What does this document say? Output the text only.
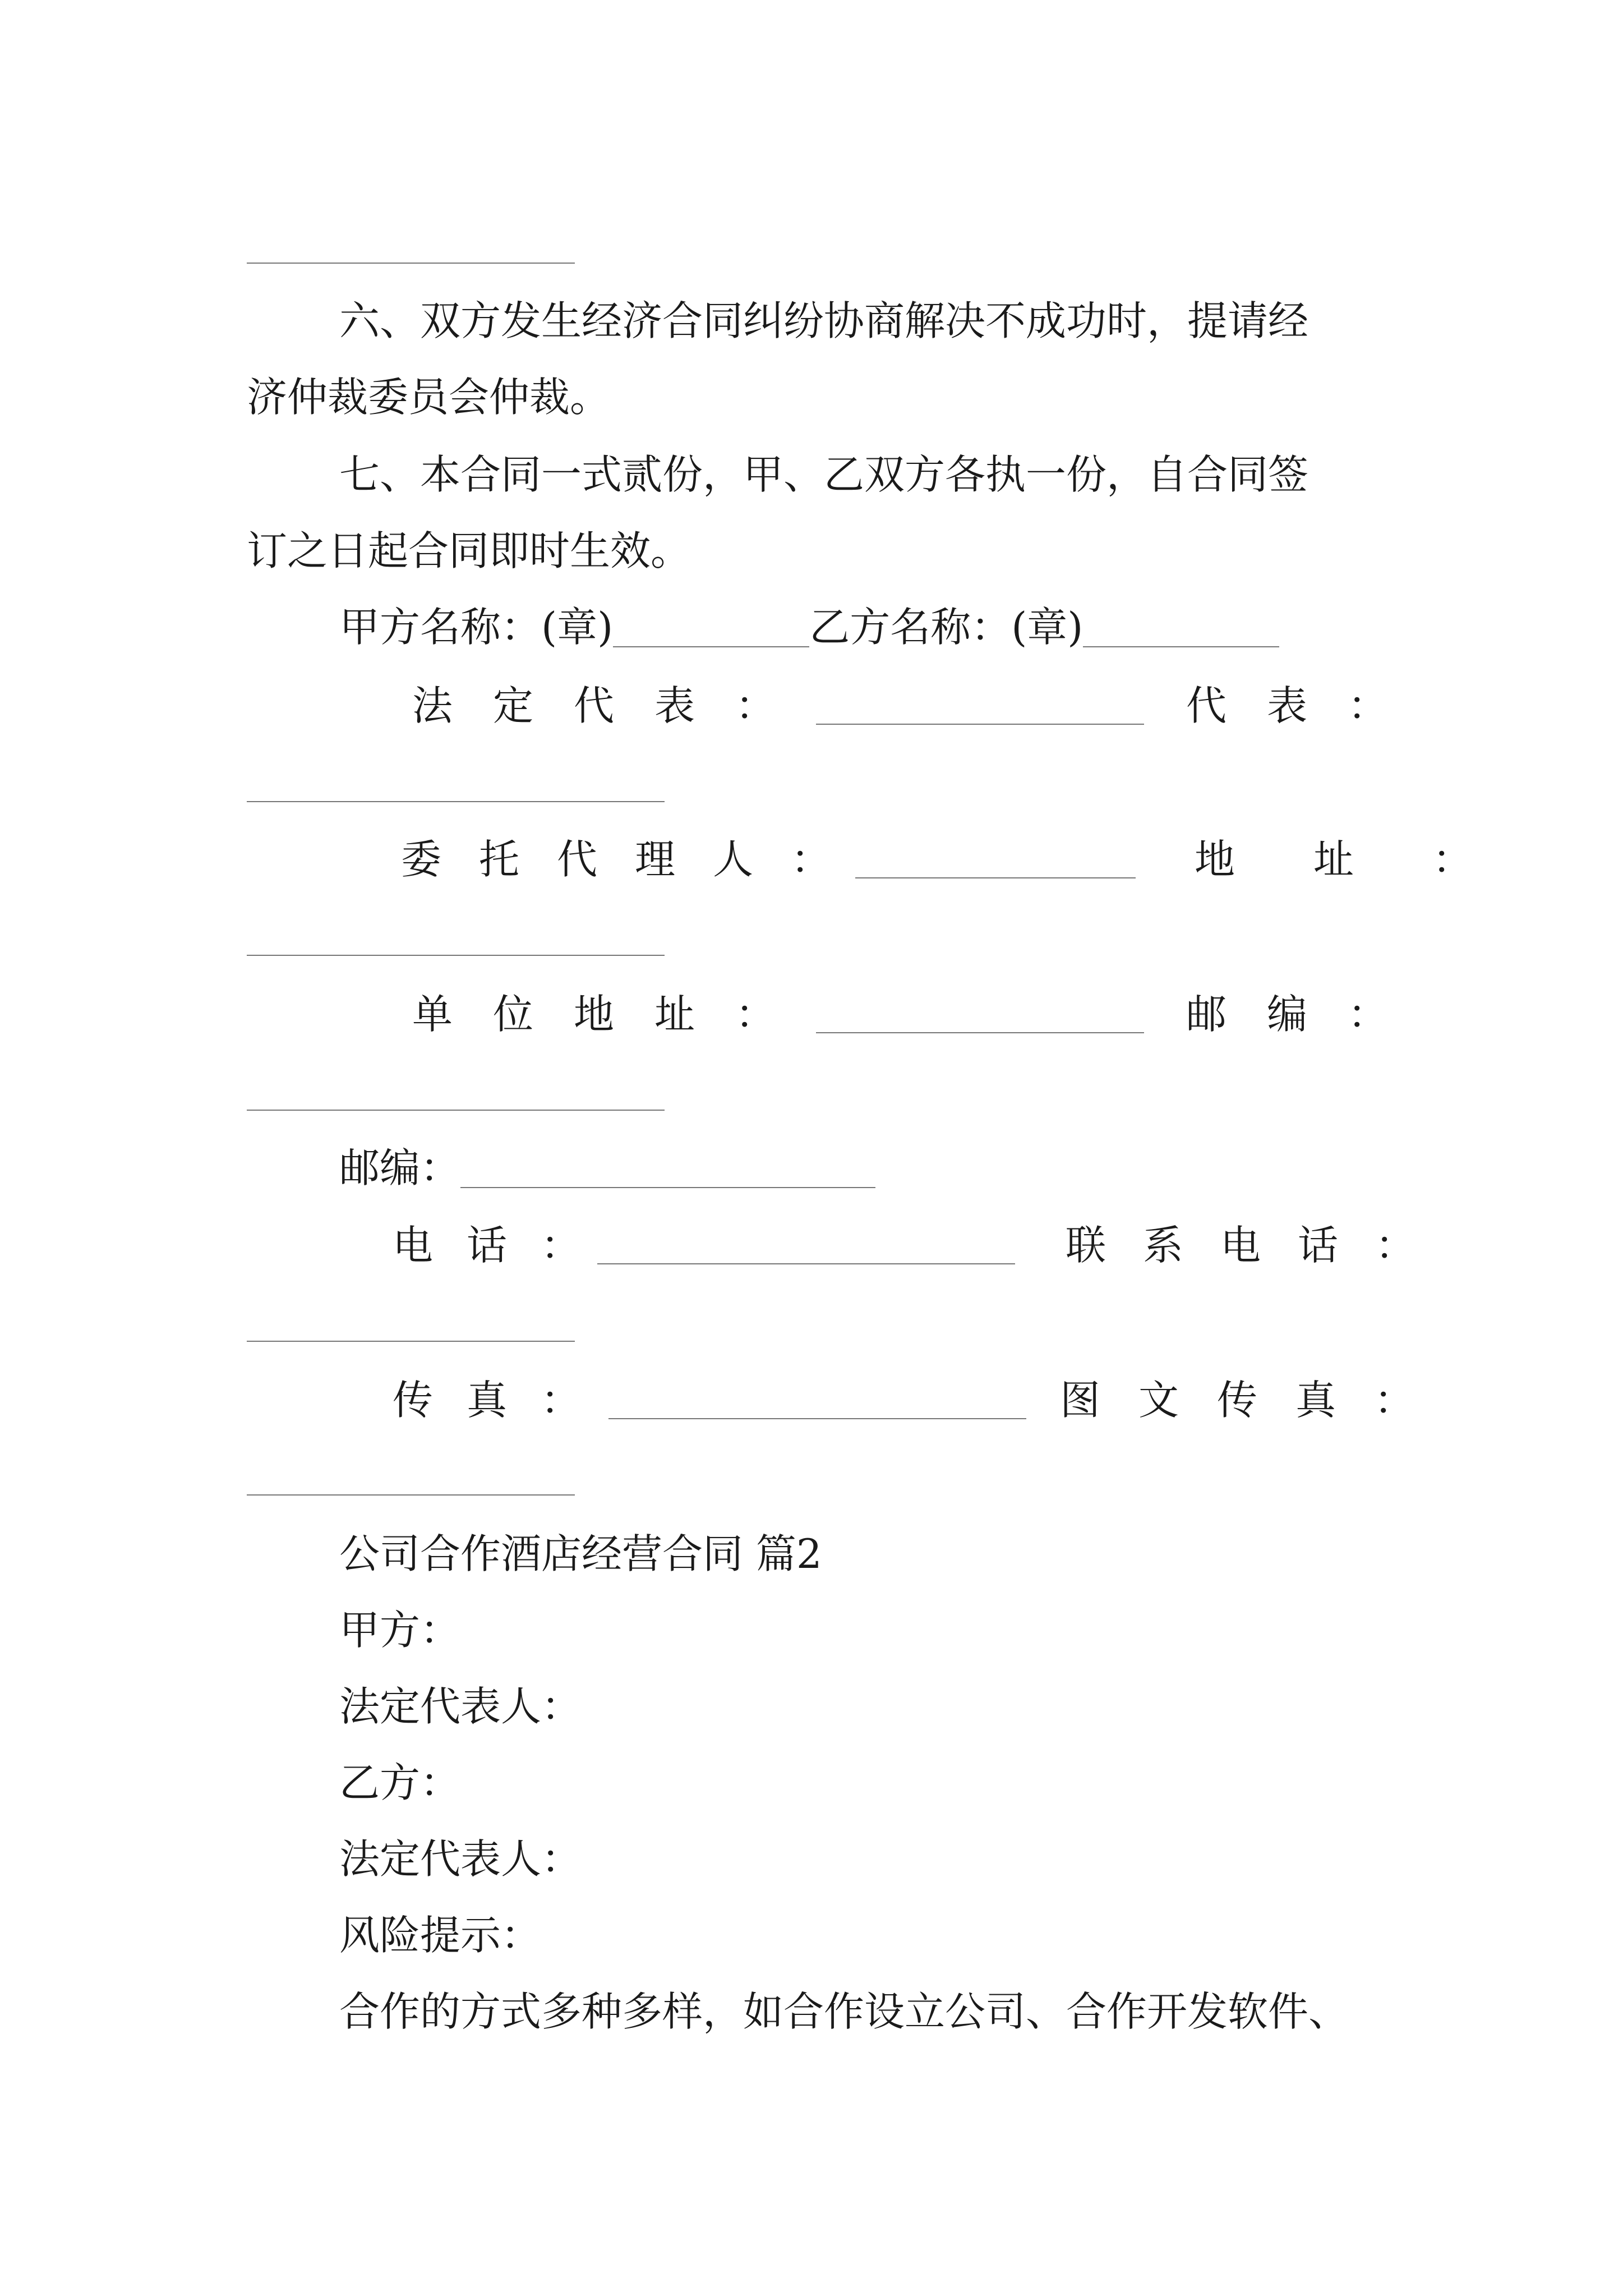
六、双方发生经济合同纠纷协商解决不成功时，提请经
济仲裁委员会仲裁。
七、本合同一式贰份，甲、乙双方各执一份，自合同签
订之日起合同即时生效。
甲方名称：(章)	乙方名称：(章)
法定代表：	代表：
委托代理人：	地址：
单位地址：	邮编：
邮编：
电话：	联系电话：
传真：	图文传真：
公司合作酒店经营合同 篇2
甲方：
法定代表人：
乙方：
法定代表人：
风险提示：
合作的方式多种多样，如合作设立公司、合作开发软件、
